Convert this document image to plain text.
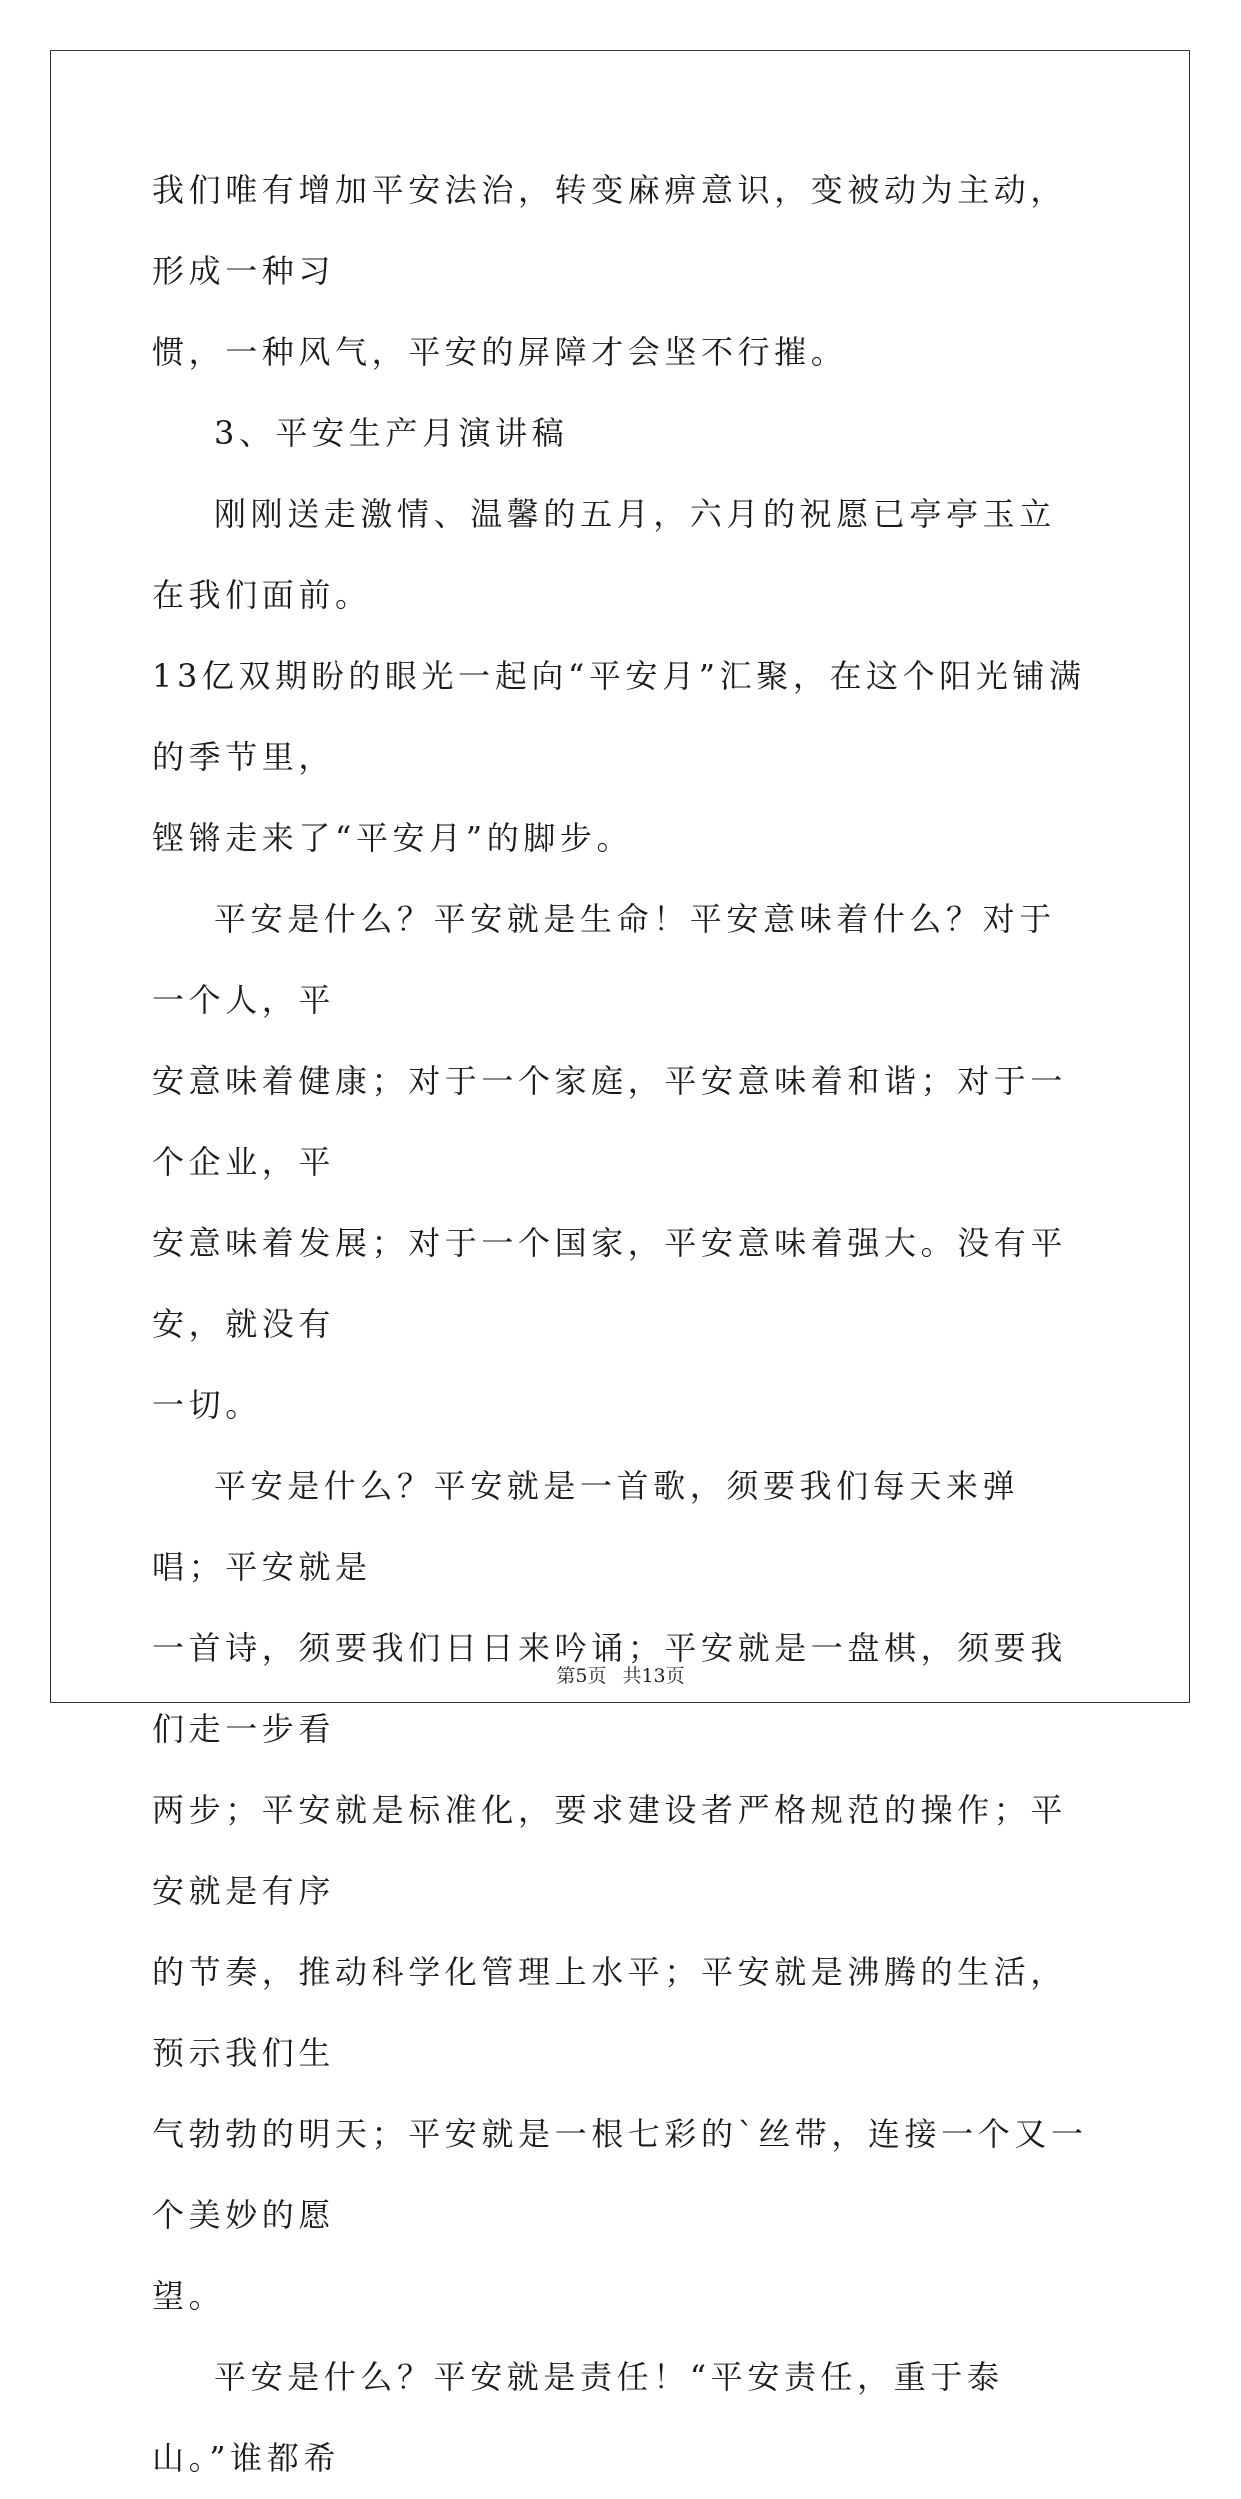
我们唯有增加平安法治，转变麻痹意识，变被动为主动，形成一种习
惯，一种风气，平安的屏障才会坚不行摧。

3、平安生产月演讲稿

刚刚送走激情、温馨的五月，六月的祝愿已亭亭玉立在我们面前。
13亿双期盼的眼光一起向“平安月”汇聚，在这个阳光铺满的季节里，
铿锵走来了“平安月”的脚步。

平安是什么？平安就是生命！平安意味着什么？对于一个人，平
安意味着健康；对于一个家庭，平安意味着和谐；对于一个企业，平
安意味着发展；对于一个国家，平安意味着强大。没有平安，就没有
一切。

平安是什么？平安就是一首歌，须要我们每天来弹唱；平安就是
一首诗，须要我们日日来吟诵；平安就是一盘棋，须要我们走一步看
两步；平安就是标准化，要求建设者严格规范的操作；平安就是有序
的节奏，推动科学化管理上水平；平安就是沸腾的生活，预示我们生
气勃勃的明天；平安就是一根七彩的`丝带，连接一个又一个美妙的愿
望。

平安是什么？平安就是责任！“平安责任，重于泰山。”谁都希

第5页 共13页
